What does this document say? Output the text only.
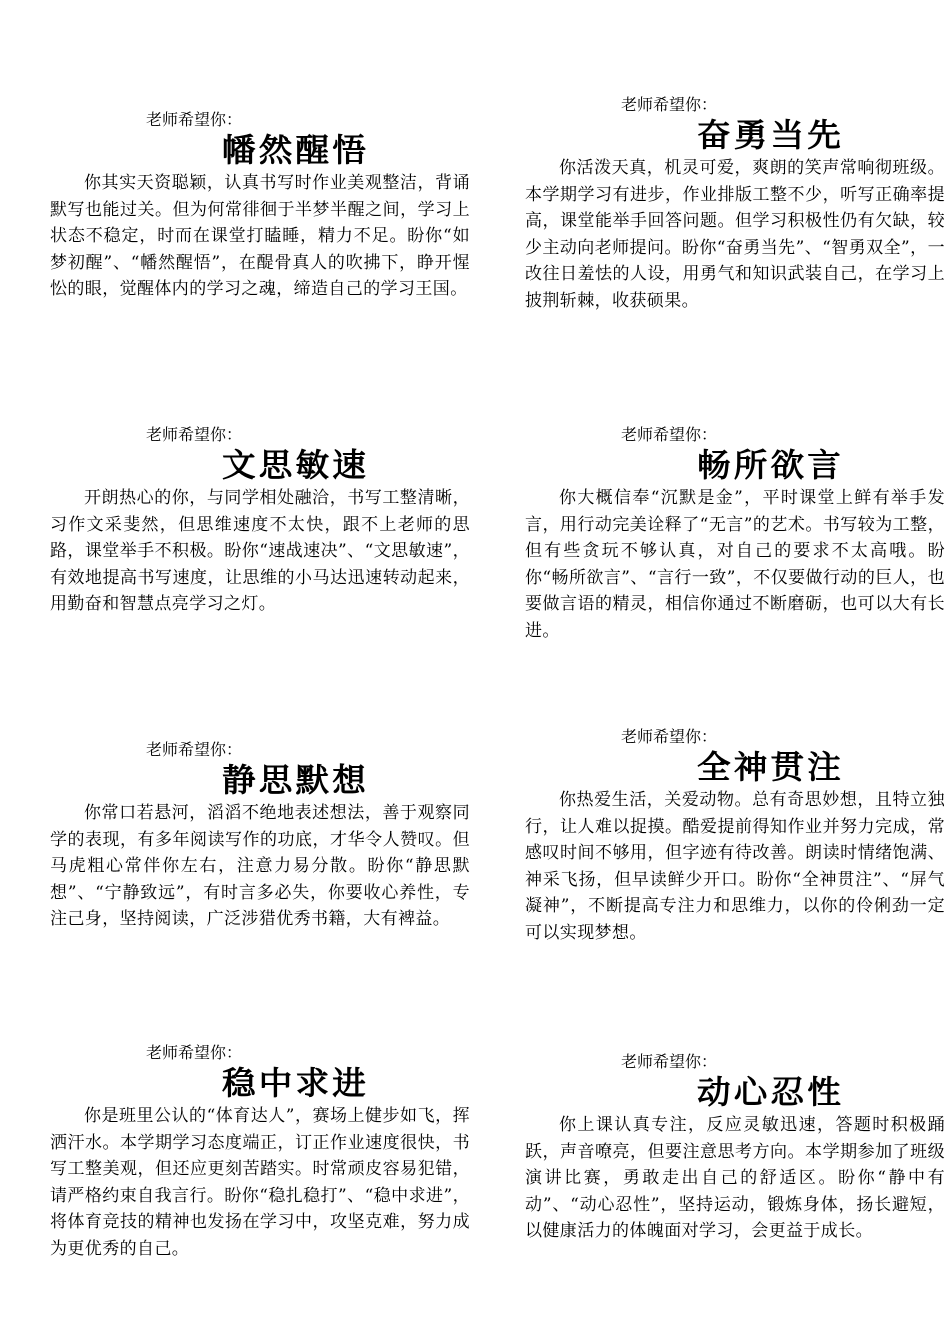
老师希望你：
幡然醒悟

你其实天资聪颖，认真书写时作业美观整洁，背诵默写也能过关。但为何常徘徊于半梦半醒之间，学习上状态不稳定，时而在课堂打瞌睡，精力不足。盼你“如梦初醒”、“幡然醒悟”，在醍骨真人的吹拂下，睁开惺忪的眼，觉醒体内的学习之魂，缔造自己的学习王国。

老师希望你：
奋勇当先

你活泼天真，机灵可爱，爽朗的笑声常响彻班级。本学期学习有进步，作业排版工整不少，听写正确率提高，课堂能举手回答问题。但学习积极性仍有欠缺，较少主动向老师提问。盼你“奋勇当先”、“智勇双全”，一改往日羞怯的人设，用勇气和知识武装自己，在学习上披荆斩棘，收获硕果。

老师希望你：
文思敏速

开朗热心的你，与同学相处融洽，书写工整清晰，习作文采斐然，但思维速度不太快，跟不上老师的思路，课堂举手不积极。盼你“速战速决”、“文思敏速”，有效地提高书写速度，让思维的小马达迅速转动起来，用勤奋和智慧点亮学习之灯。

老师希望你：
畅所欲言

你大概信奉“沉默是金”，平时课堂上鲜有举手发言，用行动完美诠释了“无言”的艺术。书写较为工整，但有些贪玩不够认真，对自己的要求不太高哦。盼你“畅所欲言”、“言行一致”，不仅要做行动的巨人，也要做言语的精灵，相信你通过不断磨砺，也可以大有长进。

老师希望你：
静思默想

你常口若悬河，滔滔不绝地表述想法，善于观察同学的表现，有多年阅读写作的功底，才华令人赞叹。但马虎粗心常伴你左右，注意力易分散。盼你“静思默想”、“宁静致远”，有时言多必失，你要收心养性，专注己身，坚持阅读，广泛涉猎优秀书籍，大有裨益。

老师希望你：
全神贯注

你热爱生活，关爱动物。总有奇思妙想，且特立独行，让人难以捉摸。酷爱提前得知作业并努力完成，常感叹时间不够用，但字迹有待改善。朗读时情绪饱满、神采飞扬，但早读鲜少开口。盼你“全神贯注”、“屏气凝神”，不断提高专注力和思维力，以你的伶俐劲一定可以实现梦想。

老师希望你：
稳中求进

你是班里公认的“体育达人”，赛场上健步如飞，挥洒汗水。本学期学习态度端正，订正作业速度很快，书写工整美观，但还应更刻苦踏实。时常顽皮容易犯错，请严格约束自我言行。盼你“稳扎稳打”、“稳中求进”，将体育竞技的精神也发扬在学习中，攻坚克难，努力成为更优秀的自己。

老师希望你：
动心忍性

你上课认真专注，反应灵敏迅速，答题时积极踊跃，声音嘹亮，但要注意思考方向。本学期参加了班级演讲比赛，勇敢走出自己的舒适区。盼你“静中有动”、“动心忍性”，坚持运动，锻炼身体，扬长避短，以健康活力的体魄面对学习，会更益于成长。
